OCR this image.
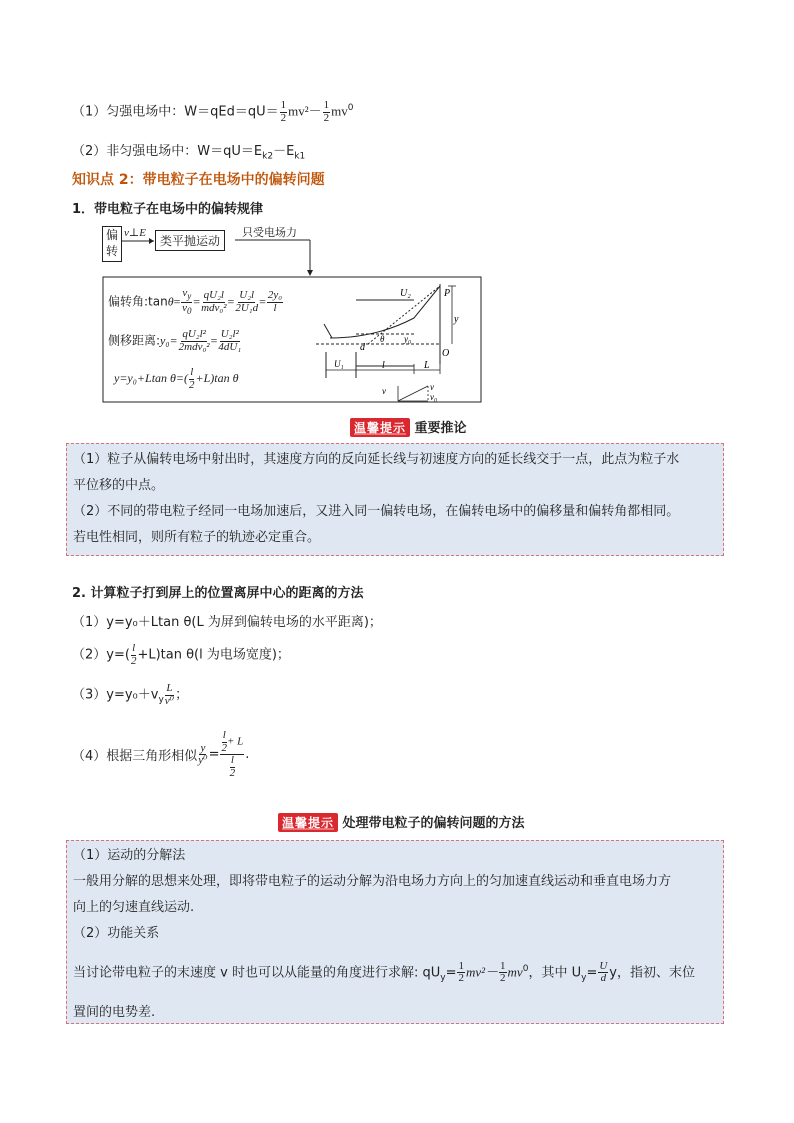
（1）匀强电场中：$W=qEd=qU= \frac{1}{2} mv^2- \frac{1}{2} mv^0$
（2）非匀强电场中：$W=qU=E_{k2}-E_{k1}$
知识点 2：带电粒子在电场中的偏转问题
1．带电粒子在电场中的偏转规律
偏
转
v⊥E
类平抛运动
只受电场力
偏转角:tanθ= $\frac{v_y}{v_0} = \frac{\text{qU₂l}}{\text{mdv₀²}} = \frac{\text{U₂l}}{\text{2U₁d}} = \frac{\text{2y₀}}{l}$
侧移距离:y₀= $\frac{\text{qU₂l²}}{\text{2mdv₀²}} = \frac{\text{U₂l²}}{\text{4dU₁}}$
y=y₀+Ltan $\theta=( \frac{l}{2} +L)\tan$ θ
U₂	P
y
O
d
θ y₀
U₁	l	L
v	v
v₀
温馨提示 重要推论

（1）粒子从偏转电场中射出时，其速度方向的反向延长线与初速度方向的延长线交于一点，此点为粒子水

平位移的中点。

（2）不同的带电粒子经同一电场加速后，又进入同一偏转电场，在偏转电场中的偏移量和偏转角都相同。

若电性相同，则所有粒子的轨迹必定重合。

2. 计算粒子打到屏上的位置离屏中心的距离的方法
（1）y=y₀＋Ltan θ(L 为屏到偏转电场的水平距离)；
$(2)y=( \frac{l}{2} +L)\tan$ θ(l 为电场宽度)；
$(3)y=y_0+v_y \frac{L}{\text{v⁰}}$ ；
（4）根据三角形相似 $\frac{y}{\text{y⁰}} = \frac{\frac{l}{2} + L}{\frac{l}{2}}$ .
温馨提示 处理带电粒子的偏转问题的方法

（1）运动的分解法

一般用分解的思想来处理，即将带电粒子的运动分解为沿电场力方向上的匀加速直线运动和垂直电场力方

向上的匀速直线运动.

（2）功能关系

当讨论带电粒子的末速度 v 时也可以从能量的角度进行求解: $qU_y= \frac{1}{2} mv^2- \frac{1}{2} mv^0$，其中 $U_y= \frac{U}{d}$ y，指初、末位

置间的电势差.
